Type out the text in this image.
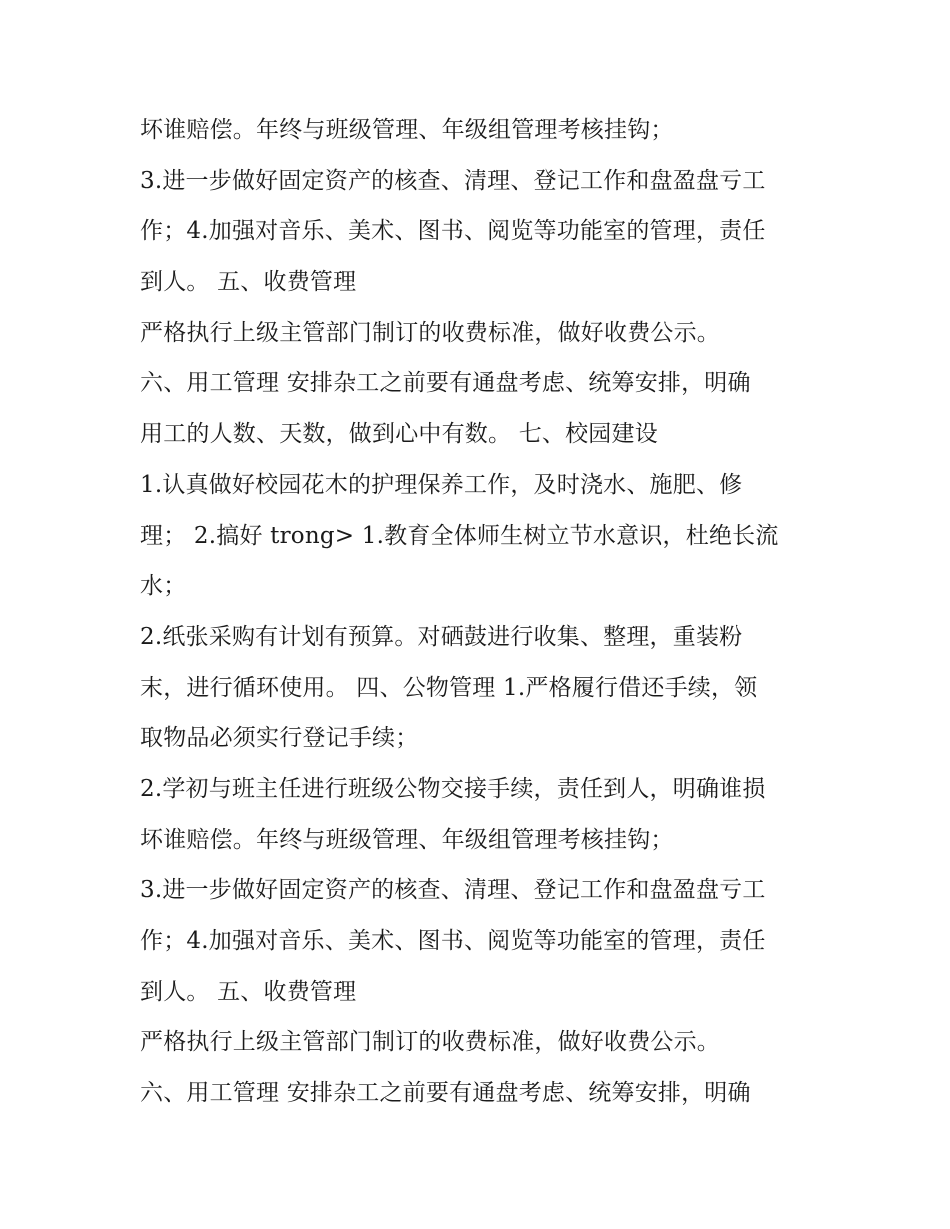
坏谁赔偿。年终与班级管理、年级组管理考核挂钩；
3.进一步做好固定资产的核查、清理、登记工作和盘盈盘亏工
作；4.加强对音乐、美术、图书、阅览等功能室的管理，责任
到人。 五、收费管理
严格执行上级主管部门制订的收费标准，做好收费公示。
六、用工管理 安排杂工之前要有通盘考虑、统筹安排，明确
用工的人数、天数，做到心中有数。 七、校园建设
1.认真做好校园花木的护理保养工作，及时浇水、施肥、修
理； 2.搞好 trong> 1.教育全体师生树立节水意识，杜绝长流
水；
2.纸张采购有计划有预算。对硒鼓进行收集、整理，重装粉
末，进行循环使用。 四、公物管理 1.严格履行借还手续，领
取物品必须实行登记手续；
2.学初与班主任进行班级公物交接手续，责任到人，明确谁损
坏谁赔偿。年终与班级管理、年级组管理考核挂钩；
3.进一步做好固定资产的核查、清理、登记工作和盘盈盘亏工
作；4.加强对音乐、美术、图书、阅览等功能室的管理，责任
到人。 五、收费管理
严格执行上级主管部门制订的收费标准，做好收费公示。
六、用工管理 安排杂工之前要有通盘考虑、统筹安排，明确
